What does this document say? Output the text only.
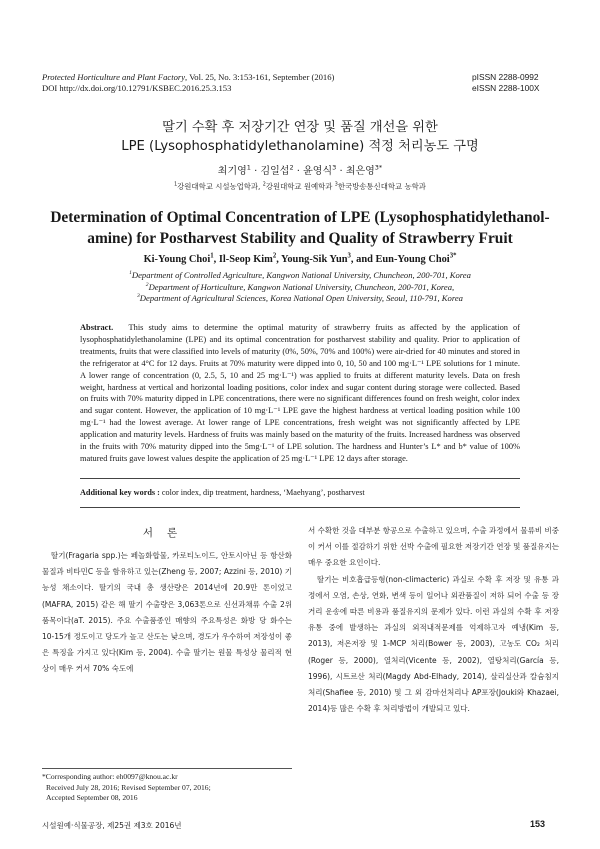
Protected Horticulture and Plant Factory, Vol. 25, No. 3:153-161, September (2016)
DOI http://dx.doi.org/10.12791/KSBEC.2016.25.3.153
pISSN 2288-0992
eISSN 2288-100X
딸기 수확 후 저장기간 연장 및 품질 개선을 위한
LPE (Lysophosphatidylethanolamine) 적정 처리농도 구명
최기영$^1$ · 김일섭$^2$ · 윤영식$^3$ · 최은영$^{3*}$
$^1$강원대학교 시설농업학과, $^2$강원대학교 원예학과 $^3$한국방송통신대학교 농학과
Determination of Optimal Concentration of LPE (Lysophosphatidylethanol-
amine) for Postharvest Stability and Quality of Strawberry Fruit
Ki-Young Choi$^1$, Il-Seop Kim$^2$, Young-Sik Yun$^3$, and Eun-Young Choi$^{3*}$
$^1$Department of Controlled Agriculture, Kangwon National University, Chuncheon, 200-701, Korea
$^2$Department of Horticulture, Kangwon National University, Chuncheon, 200-701, Korea,
$^3$Department of Agricultural Sciences, Korea National Open University, Seoul, 110-791, Korea
Abstract. This study aims to determine the optimal maturity of strawberry fruits as affected by the application of lysophosphatidylethanolamine (LPE) and its optimal concentration for postharvest stability and quality. Prior to application of treatments, fruits that were classified into levels of maturity (0%, 50%, 70% and 100%) were air-dried for 40 minutes and stored in the refrigerator at 4°C for 12 days. Fruits at 70% maturity were dipped into 0, 10, 50 and 100 mg·L⁻¹ LPE solutions for 1 minute. A lower range of concentration (0, 2.5, 5, 10 and 25 mg·L⁻¹) was applied to fruits at different maturity levels. Data on fresh weight, hardness at vertical and horizontal loading positions, color index and sugar content during storage were collected. Based on fruits with 70% maturity dipped in LPE concentrations, there were no significant differences found on fresh weight, color index and sugar content. However, the application of 10 mg·L⁻¹ LPE gave the highest hardness at vertical loading position while 100 mg·L⁻¹ had the lowest average. At lower range of LPE concentrations, fresh weight was not significantly affected by LPE application and maturity levels. Hardness of fruits was mainly based on the maturity of the fruits. Increased hardness was observed in the fruits with 70% maturity dipped into the 5mg·L⁻¹ of LPE solution. The hardness and Hunter’s L* and b* value of 100% matured fruits gave lowest values despite the application of 25 mg·L⁻¹ LPE 12 days after storage.
Additional key words : color index, dip treatment, hardness, ‘Maehyang’, postharvest
서론

딸기(Fragaria spp.)는 페놀화합물, 카로티노이드, 안토시아닌 등 항산화 물질과 비타민C 등을 함유하고 있는(Zheng 등, 2007; Azzini 등, 2010) 기능성 채소이다. 딸기의 국내 총 생산량은 2014년에 20.9만 톤이었고(MAFRA, 2015) 같은 해 딸기 수출량은 3,063톤으로 신선과채류 수출 2위 품목이다(aT. 2015). 주요 수출품종인 매향의 주요특성은 화방 당 화수는 10-15개 정도이고 당도가 높고 산도는 낮으며, 경도가 우수하여 저장성이 좋은 특징을 가지고 있다(Kim 등, 2004). 수출 딸기는 원물 특성상 물리적 현상이 매우 커서 70% 숙도에

서 수확한 것을 대부분 항공으로 수출하고 있으며, 수출 과정에서 물류비 비중이 커서 이를 절감하기 위한 선박 수출에 필요한 저장기간 연장 및 품질유지는 매우 중요한 요인이다.

딸기는 비호흡급등형(non-climacteric) 과실로 수확 후 저장 및 유통 과정에서 오염, 손상, 연화, 변색 등이 일어나 외관품질이 저하 되어 수출 등 장거리 운송에 따른 비용과 품질유지의 문제가 있다. 이런 과실의 수확 후 저장유통 중에 발생하는 과실의 외적내적문제를 억제하고자 예냉(Kim 등, 2013), 저온저장 및 1-MCP 처리(Bower 등, 2003), 고농도 CO₂ 처리(Roger 등, 2000), 열처리(Vicente 등, 2002), 열탕처리(García 등, 1996), 시트르산 처리(Magdy Abd-Elhady, 2014), 살리실산과 칼슘침지 처리(Shafiee 등, 2010) 및 그 외 감마선처리나 AP포장(Jouki와 Khazaei, 2014)등 많은 수확 후 처리방법이 개발되고 있다.

*Corresponding author: eh0097@knou.ac.kr
Received July 28, 2016; Revised September 07, 2016;
Accepted September 08, 2016
시설원예·식물공장, 제25권 제3호 2016년	153
